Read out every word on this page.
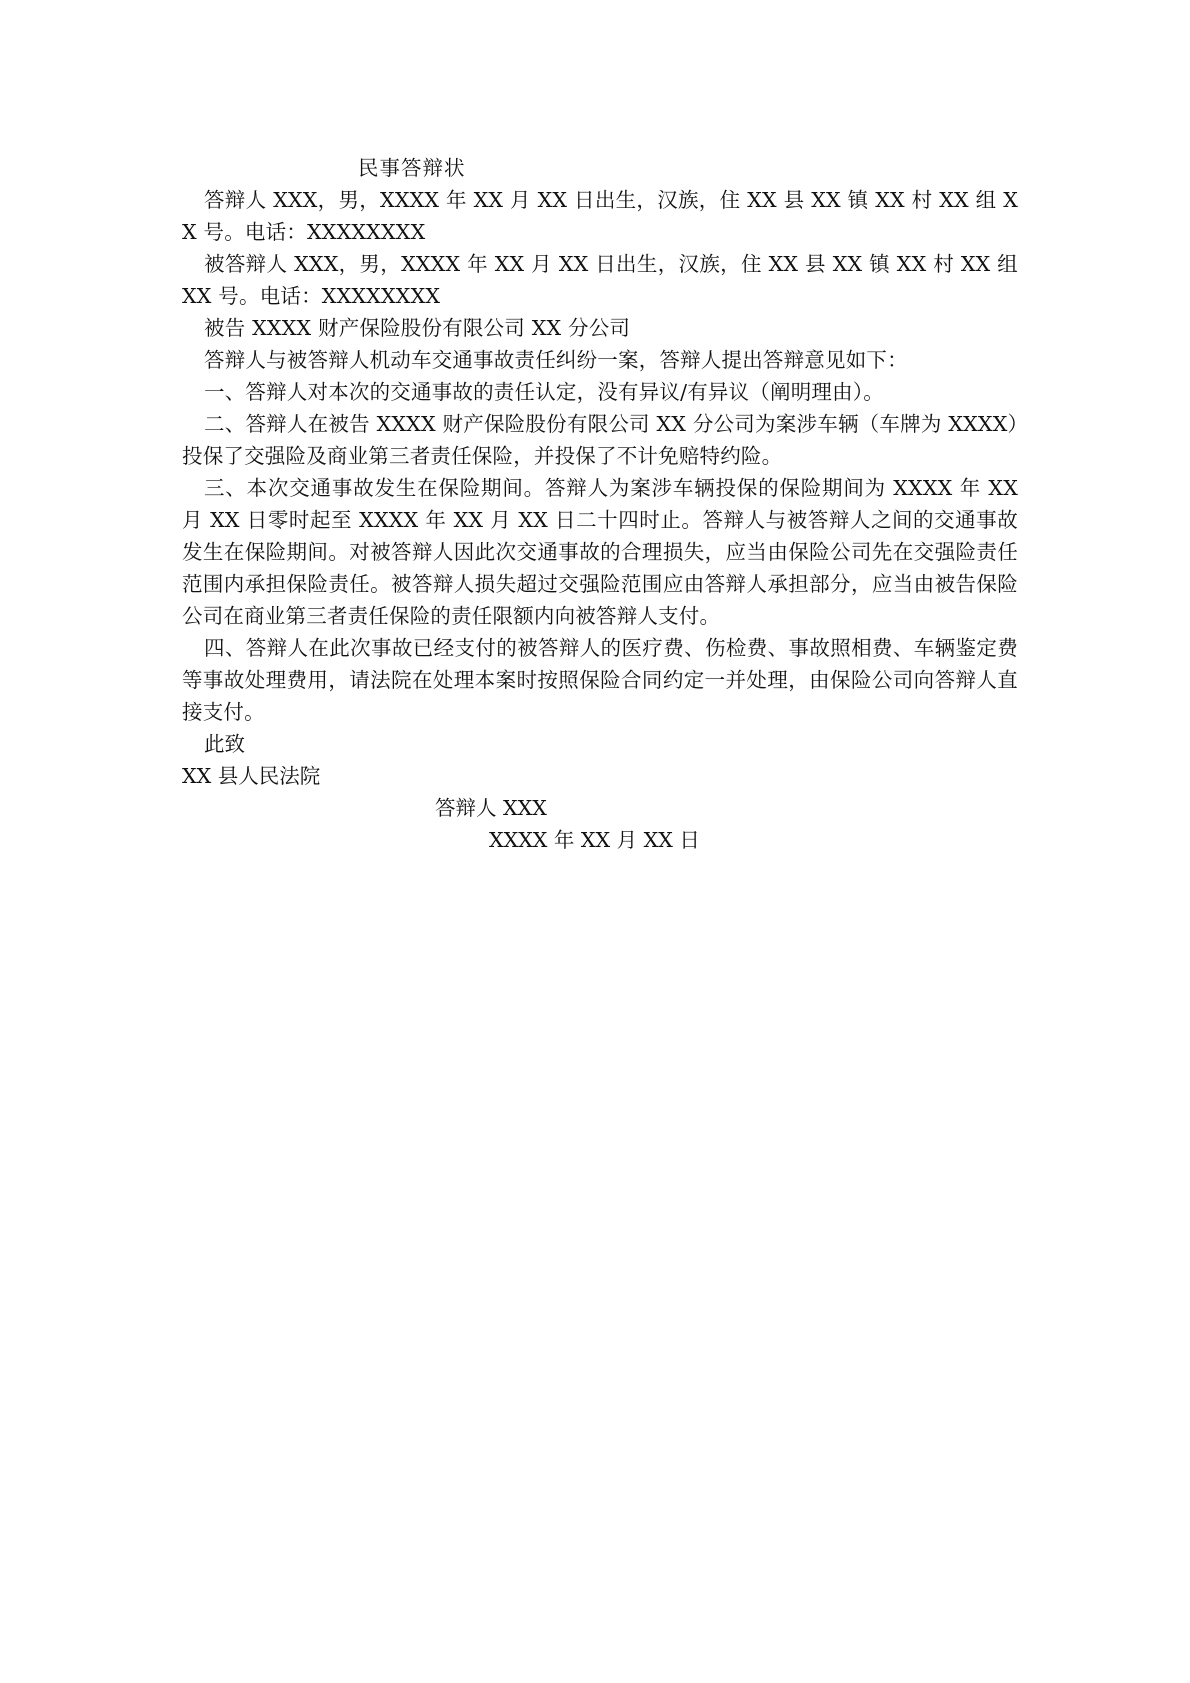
民事答辩状

答辩人 XXX，男，XXXX 年 XX 月 XX 日出生，汉族，住 XX 县 XX 镇 XX 村 XX 组 XX 号。电话：XXXXXXXX

被答辩人 XXX，男，XXXX 年 XX 月 XX 日出生，汉族，住 XX 县 XX 镇 XX 村 XX 组 XX 号。电话：XXXXXXXX

被告 XXXX 财产保险股份有限公司 XX 分公司

答辩人与被答辩人机动车交通事故责任纠纷一案，答辩人提出答辩意见如下：

一、答辩人对本次的交通事故的责任认定，没有异议/有异议（阐明理由）。

二、答辩人在被告 XXXX 财产保险股份有限公司 XX 分公司为案涉车辆（车牌为 XXXX）投保了交强险及商业第三者责任保险，并投保了不计免赔特约险。

三、本次交通事故发生在保险期间。答辩人为案涉车辆投保的保险期间为 XXXX 年 XX 月 XX 日零时起至 XXXX 年 XX 月 XX 日二十四时止。答辩人与被答辩人之间的交通事故发生在保险期间。对被答辩人因此次交通事故的合理损失，应当由保险公司先在交强险责任范围内承担保险责任。被答辩人损失超过交强险范围应由答辩人承担部分，应当由被告保险公司在商业第三者责任保险的责任限额内向被答辩人支付。

四、答辩人在此次事故已经支付的被答辩人的医疗费、伤检费、事故照相费、车辆鉴定费等事故处理费用，请法院在处理本案时按照保险合同约定一并处理，由保险公司向答辩人直接支付。

此致

XX 县人民法院

答辩人 XXX

XXXX 年 XX 月 XX 日
